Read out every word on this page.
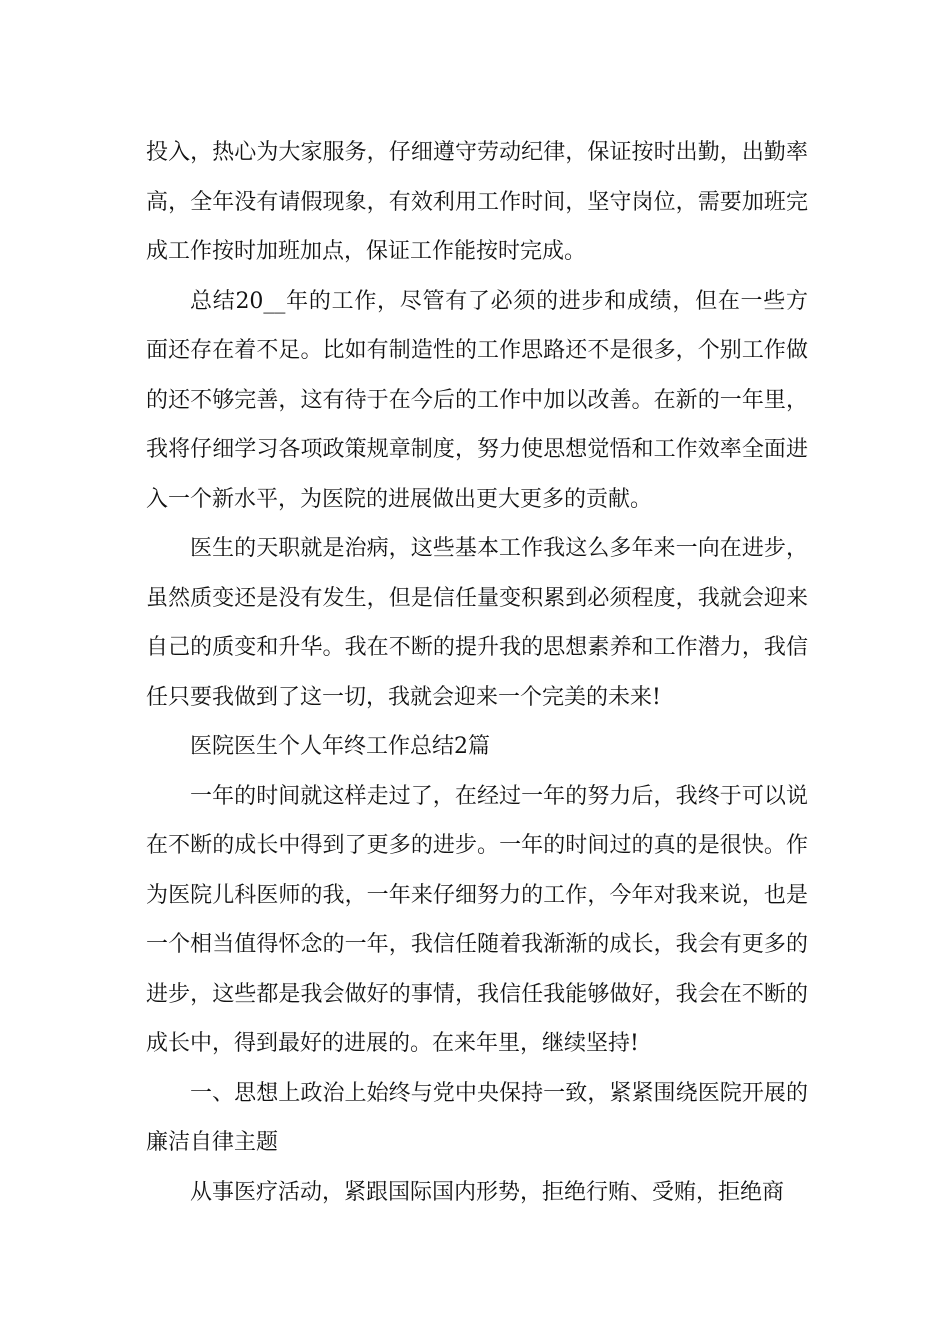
投入，热心为大家服务，仔细遵守劳动纪律，保证按时出勤，出勤率高，全年没有请假现象，有效利用工作时间，坚守岗位，需要加班完成工作按时加班加点，保证工作能按时完成。

总结20__年的工作，尽管有了必须的进步和成绩，但在一些方面还存在着不足。比如有制造性的工作思路还不是很多，个别工作做的还不够完善，这有待于在今后的工作中加以改善。在新的一年里，我将仔细学习各项政策规章制度，努力使思想觉悟和工作效率全面进入一个新水平，为医院的进展做出更大更多的贡献。

医生的天职就是治病，这些基本工作我这么多年来一向在进步，虽然质变还是没有发生，但是信任量变积累到必须程度，我就会迎来自己的质变和升华。我在不断的提升我的思想素养和工作潜力，我信任只要我做到了这一切，我就会迎来一个完美的未来!

医院医生个人年终工作总结2篇

一年的时间就这样走过了，在经过一年的努力后，我终于可以说在不断的成长中得到了更多的进步。一年的时间过的真的是很快。作为医院儿科医师的我，一年来仔细努力的工作，今年对我来说，也是一个相当值得怀念的一年，我信任随着我渐渐的成长，我会有更多的进步，这些都是我会做好的事情，我信任我能够做好，我会在不断的成长中，得到最好的进展的。在来年里，继续坚持!

一、思想上政治上始终与党中央保持一致，紧紧围绕医院开展的廉洁自律主题

从事医疗活动，紧跟国际国内形势，拒绝行贿、受贿，拒绝商
